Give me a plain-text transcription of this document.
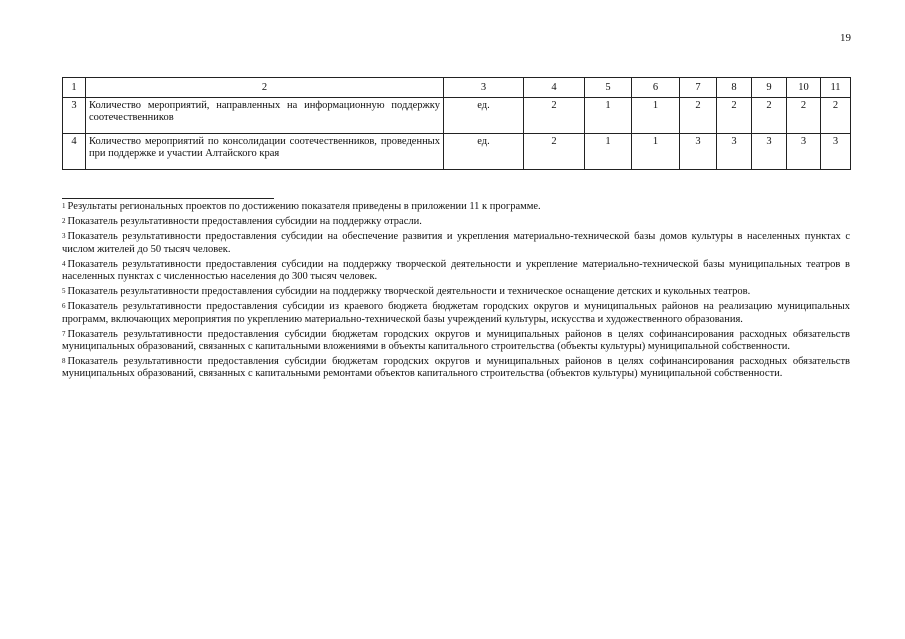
19
1	2	3	4	5	6	7	8	9	10	11
3	Количество мероприятий, направленных на информационную поддержку соотечественников	ед.	2	1	1	2	2	2	2	2
4	Количество мероприятий по консолидации соотечественников, проведенных при поддержке и участии Алтайского края	ед.	2	1	1	3	3	3	3	3

$^1$ Результаты региональных проектов по достижению показателя приведены в приложении 11 к программе.

$^2$ Показатель результативности предоставления субсидии на поддержку отрасли.

$^3$ Показатель результативности предоставления субсидии на обеспечение развития и укрепления материально-технической базы домов культуры в населенных пунктах с числом жителей до 50 тысяч человек.

$^4$ Показатель результативности предоставления субсидии на поддержку творческой деятельности и укрепление материально-технической базы муниципальных театров в населенных пунктах с численностью населения до 300 тысяч человек.

$^5$ Показатель результативности предоставления субсидии на поддержку творческой деятельности и техническое оснащение детских и кукольных театров.

$^6$ Показатель результативности предоставления субсидии из краевого бюджета бюджетам городских округов и муниципальных районов на реализацию муниципальных программ, включающих мероприятия по укреплению материально-технической базы учреждений культуры, искусства и художественного образования.

$^7$ Показатель результативности предоставления субсидии бюджетам городских округов и муниципальных районов в целях софинансирования расходных обязательств муниципальных образований, связанных с капитальными вложениями в объекты капитального строительства (объекты культуры) муниципальной собственности.

$^8$ Показатель результативности предоставления субсидии бюджетам городских округов и муниципальных районов в целях софинансирования расходных обязательств муниципальных образований, связанных с капитальными ремонтами объектов капитального строительства (объектов культуры) муниципальной собственности.
